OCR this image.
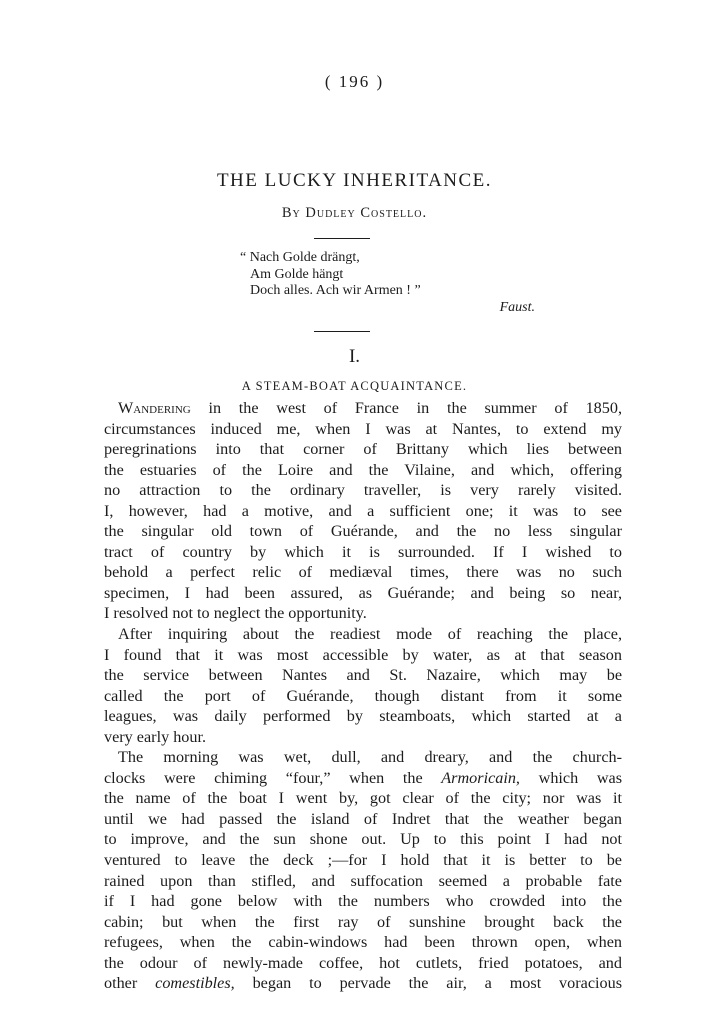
( 196 )
THE LUCKY INHERITANCE.
By Dudley Costello.
“ Nach Golde drängt,
Am Golde hängt
Doch alles. Ach wir Armen ! ”
Faust.
I.
A STEAM-BOAT ACQUAINTANCE.
Wandering in the west of France in the summer of 1850,
circumstances induced me, when I was at Nantes, to extend my
peregrinations into that corner of Brittany which lies between
the estuaries of the Loire and the Vilaine, and which, offering
no attraction to the ordinary traveller, is very rarely visited.
I, however, had a motive, and a sufficient one; it was to see
the singular old town of Guérande, and the no less singular
tract of country by which it is surrounded. If I wished to
behold a perfect relic of mediæval times, there was no such
specimen, I had been assured, as Guérande; and being so near,
I resolved not to neglect the opportunity.
After inquiring about the readiest mode of reaching the place,
I found that it was most accessible by water, as at that season
the service between Nantes and St. Nazaire, which may be
called the port of Guérande, though distant from it some
leagues, was daily performed by steamboats, which started at a
very early hour.
The morning was wet, dull, and dreary, and the church-
clocks were chiming “four,” when the Armoricain, which was
the name of the boat I went by, got clear of the city; nor was it
until we had passed the island of Indret that the weather began
to improve, and the sun shone out. Up to this point I had not
ventured to leave the deck ;—for I hold that it is better to be
rained upon than stifled, and suffocation seemed a probable fate
if I had gone below with the numbers who crowded into the
cabin; but when the first ray of sunshine brought back the
refugees, when the cabin-windows had been thrown open, when
the odour of newly-made coffee, hot cutlets, fried potatoes, and
other comestibles, began to pervade the air, a most voracious
